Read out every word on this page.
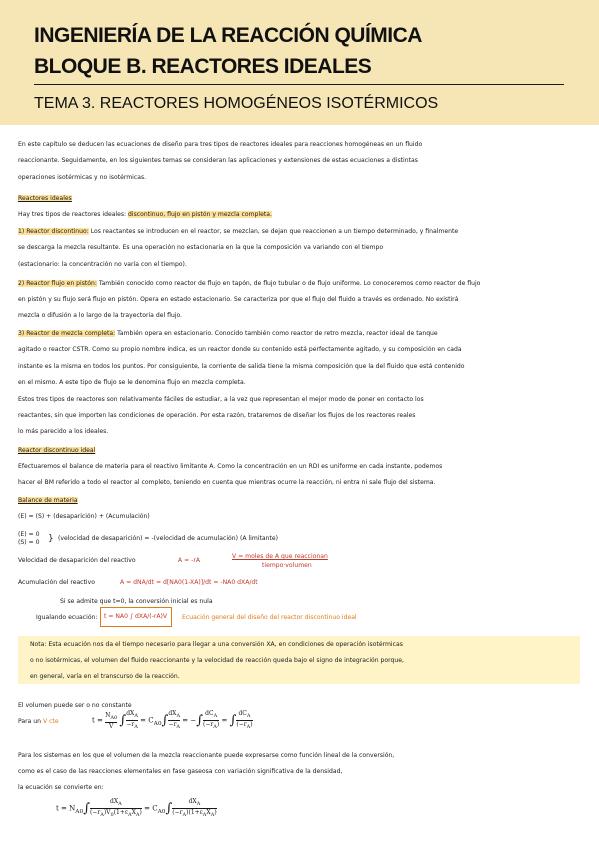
INGENIERÍA DE LA REACCIÓN QUÍMICA
BLOQUE B. REACTORES IDEALES
TEMA 3. REACTORES HOMOGÉNEOS ISOTÉRMICOS
En este capítulo se deducen las ecuaciones de diseño para tres tipos de reactores ideales para reacciones homogéneas en un fluido
reaccionante. Seguidamente, en los siguientes temas se consideran las aplicaciones y extensiones de estas ecuaciones a distintas
operaciones isotérmicas y no isotérmicas.
Reactores ideales
Hay tres tipos de reactores ideales: discontinuo, flujo en pistón y mezcla completa.
1) Reactor discontinuo: Los reactantes se introducen en el reactor, se mezclan, se dejan que reaccionen a un tiempo determinado, y finalmente
se descarga la mezcla resultante. Es una operación no estacionaria en la que la composición va variando con el tiempo
(estacionario: la concentración no varía con el tiempo).
2) Reactor flujo en pistón: También conocido como reactor de flujo en tapón, de flujo tubular o de flujo uniforme. Lo conoceremos como reactor de flujo
en pistón y su flujo será flujo en pistón. Opera en estado estacionario. Se caracteriza por que el flujo del fluido a través es ordenado. No existirá
mezcla o difusión a lo largo de la trayectoria del flujo.
3) Reactor de mezcla completa: También opera en estacionario. Conocido también como reactor de retro mezcla, reactor ideal de tanque
agitado o reactor CSTR. Como su propio nombre indica, es un reactor donde su contenido está perfectamente agitado, y su composición en cada
instante es la misma en todos los puntos. Por consiguiente, la corriente de salida tiene la misma composición que la del fluido que está contenido
en el mismo. A este tipo de flujo se le denomina flujo en mezcla completa.
Estos tres tipos de reactores son relativamente fáciles de estudiar, a la vez que representan el mejor modo de poner en contacto los
reactantes, sin que importen las condiciones de operación. Por esta razón, trataremos de diseñar los flujos de los reactores reales
lo más parecido a los ideales.
Reactor discontinuo ideal
Efectuaremos el balance de materia para el reactivo limitante A. Como la concentración en un RDI es uniforme en cada instante, podemos
hacer el BM referido a todo el reactor al completo, teniendo en cuenta que mientras ocurre la reacción, ni entra ni sale flujo del sistema.
Balance de materia
(E) = (S) + (desaparición) + (Acumulación)
(E) = 0
(S) = 0 } (velocidad de desaparición) = -(velocidad de acumulación) (A limitante)
Velocidad de desaparición del reactivo	A = -rA
V = moles de A que reaccionan
tiempo·volumen
Acumulación del reactivo	A = dNA/dt = d[NA0(1-XA)]/dt = -NA0 dXA/dt
Si se admite que t=0, la conversión inicial es nula
Igualando ecuación: t = NA0 ∫ dXA/(-rA)V Ecuación general del diseño del reactor discontinuo ideal
Nota: Esta ecuación nos da el tiempo necesario para llegar a una conversión XA, en condiciones de operación isotérmicas
o no isotérmicas, el volumen del fluido reaccionante y la velocidad de reacción queda bajo el signo de integración porque,
en general, varía en el transcurso de la reacción.
El volumen puede ser o no constante
Para un V cte	$t = \frac{N_{A0}}{V}$ ∫ $\frac{dX_A}{-r_A} = C_{A0}\int \frac{dX_A}{-r_A}$ = −∫ $\frac{dC_A}{(-r_A)}$ = ∫ $\frac{dC_A}{(-r_A)}$
Para los sistemas en los que el volumen de la mezcla reaccionante puede expresarse como función lineal de la conversión,
como es el caso de las reacciones elementales en fase gaseosa con variación significativa de la densidad,
la ecuación se convierte en:
$t = N_{A0}\int \frac{dX_A}{(-r_A)V_0(1+\varepsilon_AX_A)} = C_{A0}\int \frac{dX_A}{(-r_A)(1+\varepsilon_AX_A)}$
